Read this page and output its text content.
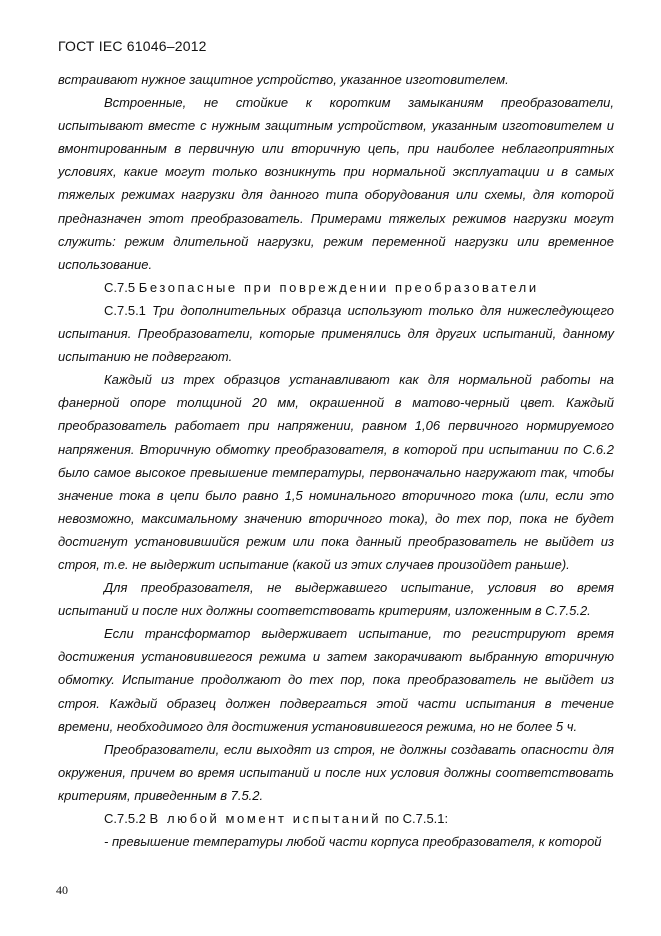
ГОСТ IEC 61046–2012

встраивают нужное защитное устройство, указанное изготовителем.

Встроенные, не стойкие к коротким замыканиям преобразователи, испытывают вместе с нужным защитным устройством, указанным изготовителем и вмонтированным в первичную или вторичную цепь, при наиболее неблагоприятных условиях, какие могут только возникнуть при нормальной эксплуатации и в самых тяжелых режимах нагрузки для данного типа оборудования или схемы, для которой предназначен этот преобразователь. Примерами тяжелых режимов нагрузки могут служить: режим длительной нагрузки, режим переменной нагрузки или временное использование.

С.7.5 Безопасные при повреждении преобразователи

С.7.5.1 Три дополнительных образца используют только для нижеследующего испытания. Преобразователи, которые применялись для других испытаний, данному испытанию не подвергают.

Каждый из трех образцов устанавливают как для нормальной работы на фанерной опоре толщиной 20 мм, окрашенной в матово-черный цвет. Каждый преобразователь работает при напряжении, равном 1,06 первичного нормируемого напряжения. Вторичную обмотку преобразователя, в которой при испытании по С.6.2 было самое высокое превышение температуры, первоначально нагружают так, чтобы значение тока в цепи было равно 1,5 номинального вторичного тока (или, если это невозможно, максимальному значению вторичного тока), до тех пор, пока не будет достигнут установившийся режим или пока данный преобразователь не выйдет из строя, т.е. не выдержит испытание (какой из этих случаев произойдет раньше).

Для преобразователя, не выдержавшего испытание, условия во время испытаний и после них должны соответствовать критериям, изложенным в С.7.5.2.

Если трансформатор выдерживает испытание, то регистрируют время достижения установившегося режима и затем закорачивают выбранную вторичную обмотку. Испытание продолжают до тех пор, пока преобразователь не выйдет из строя. Каждый образец должен подвергаться этой части испытания в течение времени, необходимого для достижения установившегося режима, но не более 5 ч.

Преобразователи, если выходят из строя, не должны создавать опасности для окружения, причем во время испытаний и после них условия должны соответствовать критериям, приведенным в 7.5.2.

С.7.5.2 В любой момент испытаний по С.7.5.1:

- превышение температуры любой части корпуса преобразователя, к которой

40
